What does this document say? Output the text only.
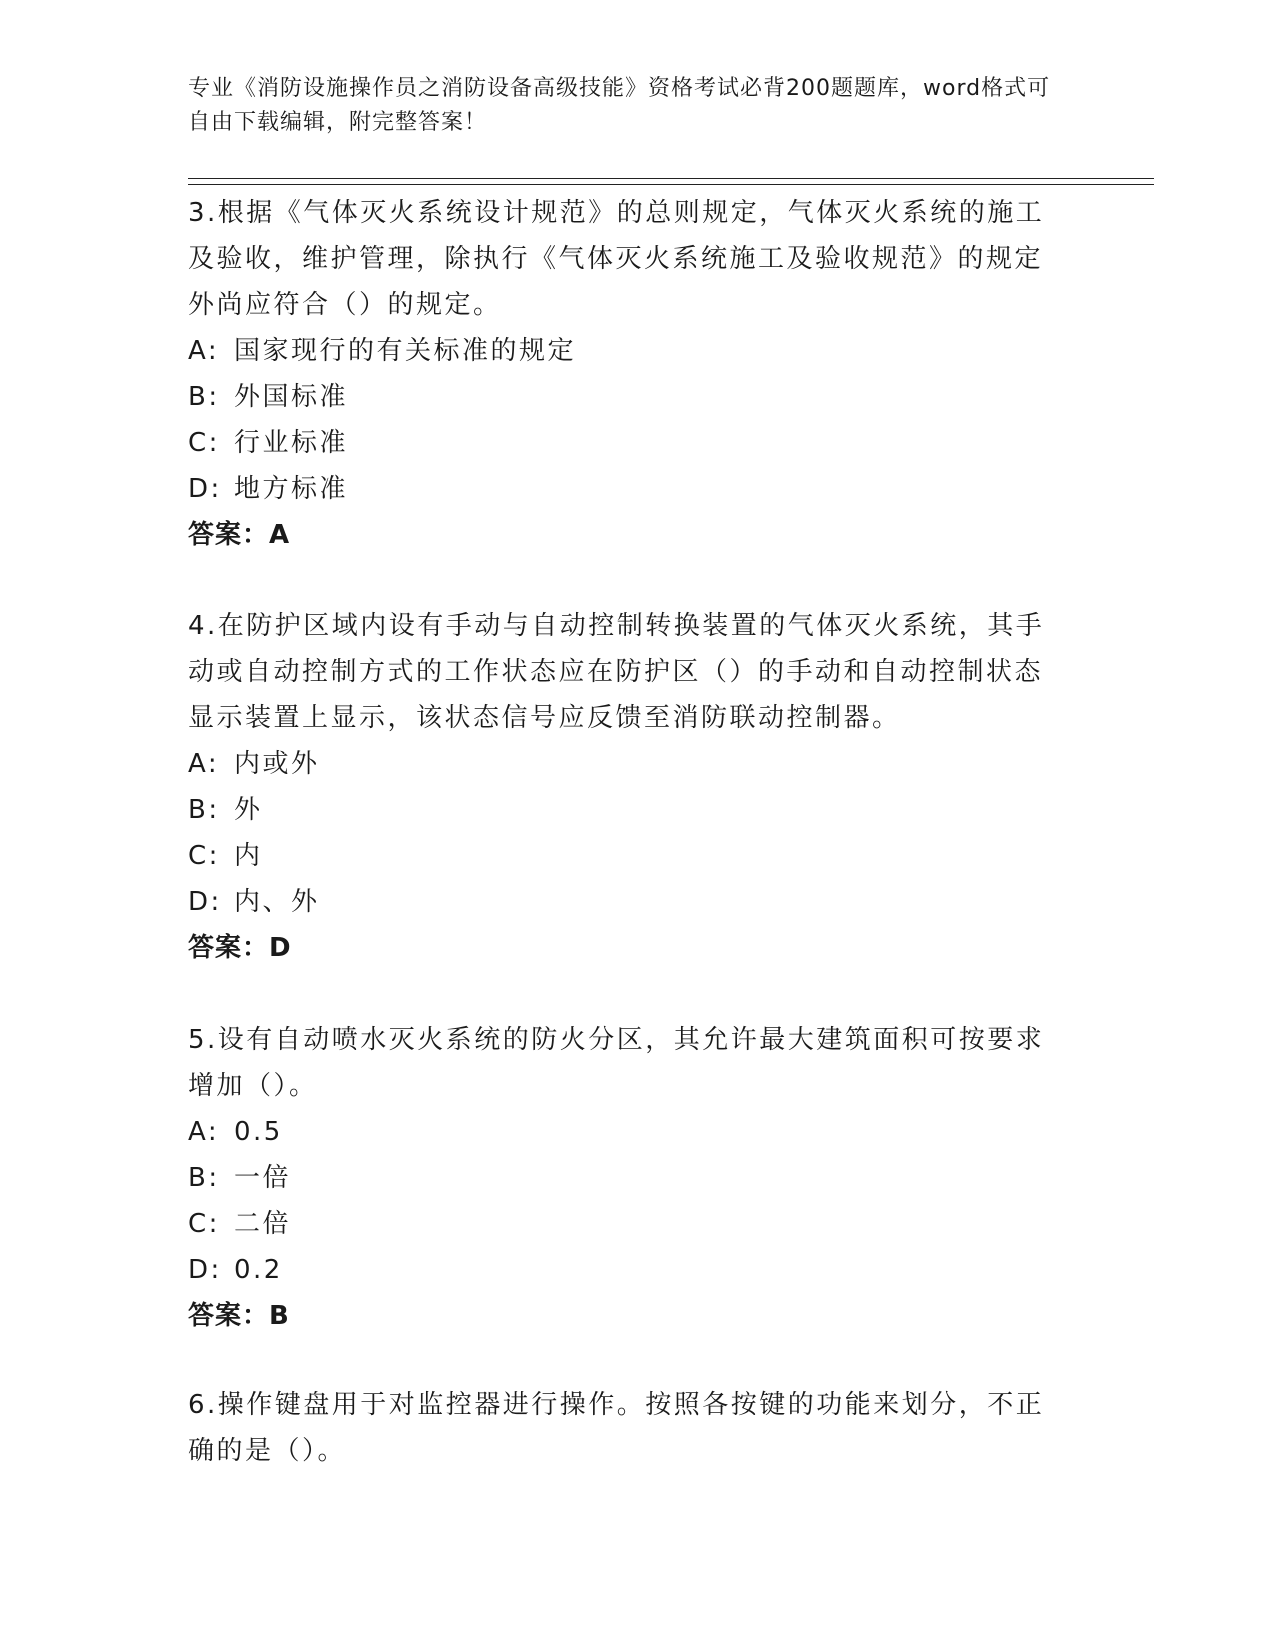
专业《消防设施操作员之消防设备高级技能》资格考试必背200题题库，word格式可自由下载编辑，附完整答案！
3.根据《气体灭火系统设计规范》的总则规定，气体灭火系统的施工及验收，维护管理，除执行《气体灭火系统施工及验收规范》的规定外尚应符合（）的规定。
A: 国家现行的有关标准的规定
B: 外国标准
C: 行业标准
D: 地方标准
答案：A
4.在防护区域内设有手动与自动控制转换装置的气体灭火系统，其手动或自动控制方式的工作状态应在防护区（）的手动和自动控制状态显示装置上显示，该状态信号应反馈至消防联动控制器。
A: 内或外
B: 外
C: 内
D: 内、外
答案：D
5.设有自动喷水灭火系统的防火分区，其允许最大建筑面积可按要求增加（）。
A: 0.5
B: 一倍
C: 二倍
D: 0.2
答案：B
6.操作键盘用于对监控器进行操作。按照各按键的功能来划分，不正确的是（）。
